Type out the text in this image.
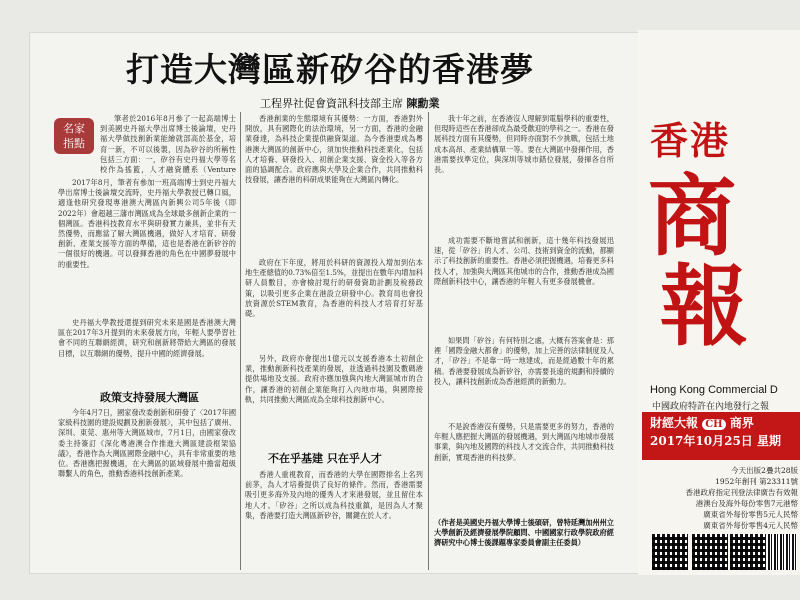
打造大灣區新矽谷的香港夢
工程界社促會資訊科技部主席 陳勳業
名家
指點

筆者於2016年8月參了一起高端博士到美國史丹福大學出席博士後論壇，史丹福大學做技創新業能繪就部高於基金，培育一新，不可以後製，因為矽谷的所稱性包括三方面：一，矽谷有史丹福大學等名校作為搖籃，人才融資體系（Venture

2017年8月，筆者有參加一班高端博士到史丹福大學出席博士後論壇交流時，史丹福大學教授已轉口風，適逢他研究發現專港澳大灣區內新興公司5年後（即2022年）會超越三藩市灣區成為全球最多創新企業的一個灣區。香港科技教育水平與研發實力兼具，並非有天然優勢，而應當了解大灣區機遇，做好人才培育、研發創新、產業支援等方面的準備，這也是香港在新矽谷的一個很好的機遇。可以發揮香港的角色在中國夢發展中的重要性。

史丹福大學教授還提到研究未來是國是香港澳大灣區在2017年3月提到的未來發展方向，年輕人要學習社會不同的互聯網經濟，研究和創新將帶給大灣區的發展目標，以互聯網的優勢，提升中國的經濟發展。

政策支持發展大灣區

今年4月7日，國家發改委創新和研發了〈2017年國家級科技園的建設規劃及創新發展〉，其中包括了廣州、深圳、東莞、惠州等大灣區城市，7月1日，由國家發改委主持簽訂《深化粵港澳合作推進大灣區建設框架協議》，香港作為大灣區國際金融中心，具有非常重要的地位。香港應把握機遇，在大灣區的區域發展中擔當超級聯繫人的角色，推動香港科技創新產業。

香港創業的生態環境有其優勢：一方面，香港對外開放，具有國際化的法治環境，另一方面，香港的金融業發達，為科技企業提供融資渠道。為今香港要成為粵港澳大灣區的創新中心，須加快推動科技產業化，包括人才培養、研發投入、初創企業支援、資金投入等各方面的協調配合。政府應與大學及企業合作，共同推動科技發展，讓香港的科研成果能夠在大灣區內轉化。

政府在下年度，將用於科研的資源投入增加到佔本地生產總值的0.73%倍至1.5%，並提出在數年內增加科研人員數目，亦會檢討現行的研發資助計劃及稅務政策，以吸引更多企業在港設立研發中心。教育局也會投放資源於STEM教育，為香港的科技人才培育打好基礎。

另外，政府亦會提出1億元以支援香港本土初創企業，推動創新科技產業的發展，並透過科技園及數碼港提供場地及支援。政府亦應加強與內地大灣區城市的合作，讓香港的初創企業能夠打入內地市場，與國際接軌，共同推動大灣區成為全球科技創新中心。

不在乎基建 只在乎人才

香港人重視教育，而香港的大學在國際排名上名列前茅，為人才培養提供了良好的條件。然而，香港需要吸引更多海外及內地的優秀人才來港發展，並且留住本地人才。「矽谷」之所以成為科技重鎮，是因為人才聚集，香港要打造大灣區新矽谷，關鍵在於人才。

我十年之前，在香港沒人理解到電腦學科的重要性，但現時這些在香港卻成為最受歡迎的學科之一。香港在發展科技方面有其優勢，但同時亦面對不少挑戰，包括土地成本高昂、產業結構單一等。要在大灣區中發揮作用，香港需要找準定位，與深圳等城市錯位發展，發揮各自所長。

成功需要不斷地嘗試和創新，這十幾年科技發展迅速，從「矽谷」的人才、公司、技術到資金的流動，都顯示了科技創新的重要性。香港必須把握機遇，培養更多科技人才，加強與大灣區其他城市的合作，推動香港成為國際創新科技中心，讓香港的年輕人有更多發展機會。

如果問「矽谷」有何特別之處，大概有答案會是：那裡「國際金融大都會」的優勢，加上完善的法律制度及人才，「矽谷」不是靠一時一地建成，而是經過數十年的累積。香港要發展成為新矽谷，亦需要長遠的規劃和持續的投入，讓科技創新成為香港經濟的新動力。

不是說香港沒有優勢，只是需要更多的努力，香港的年輕人應把握大灣區的發展機遇，到大灣區內地城市發展事業，與內地及國際的科技人才交流合作，共同推動科技創新，實現香港的科技夢。

（作者是美國史丹福大學博士後碩研，曾特延灣加州州立大學創新及經濟發展學院顧問、中國國家行政學院政府經濟研究中心博士後課題專家委員會副主任委員）
香港
商
報
Hong Kong Commercial D
中國政府特許在內地發行之報
財經大報 CH 商界
2017年10月25日 星期
今天出版2疊共28版
1952年創刊 第23311號
香港政府指定刊登法律廣告有效報
港澳台及海外每份零售7元港幣
廣東省外每份零售5元人民幣
廣東省外每份零售4元人民幣
